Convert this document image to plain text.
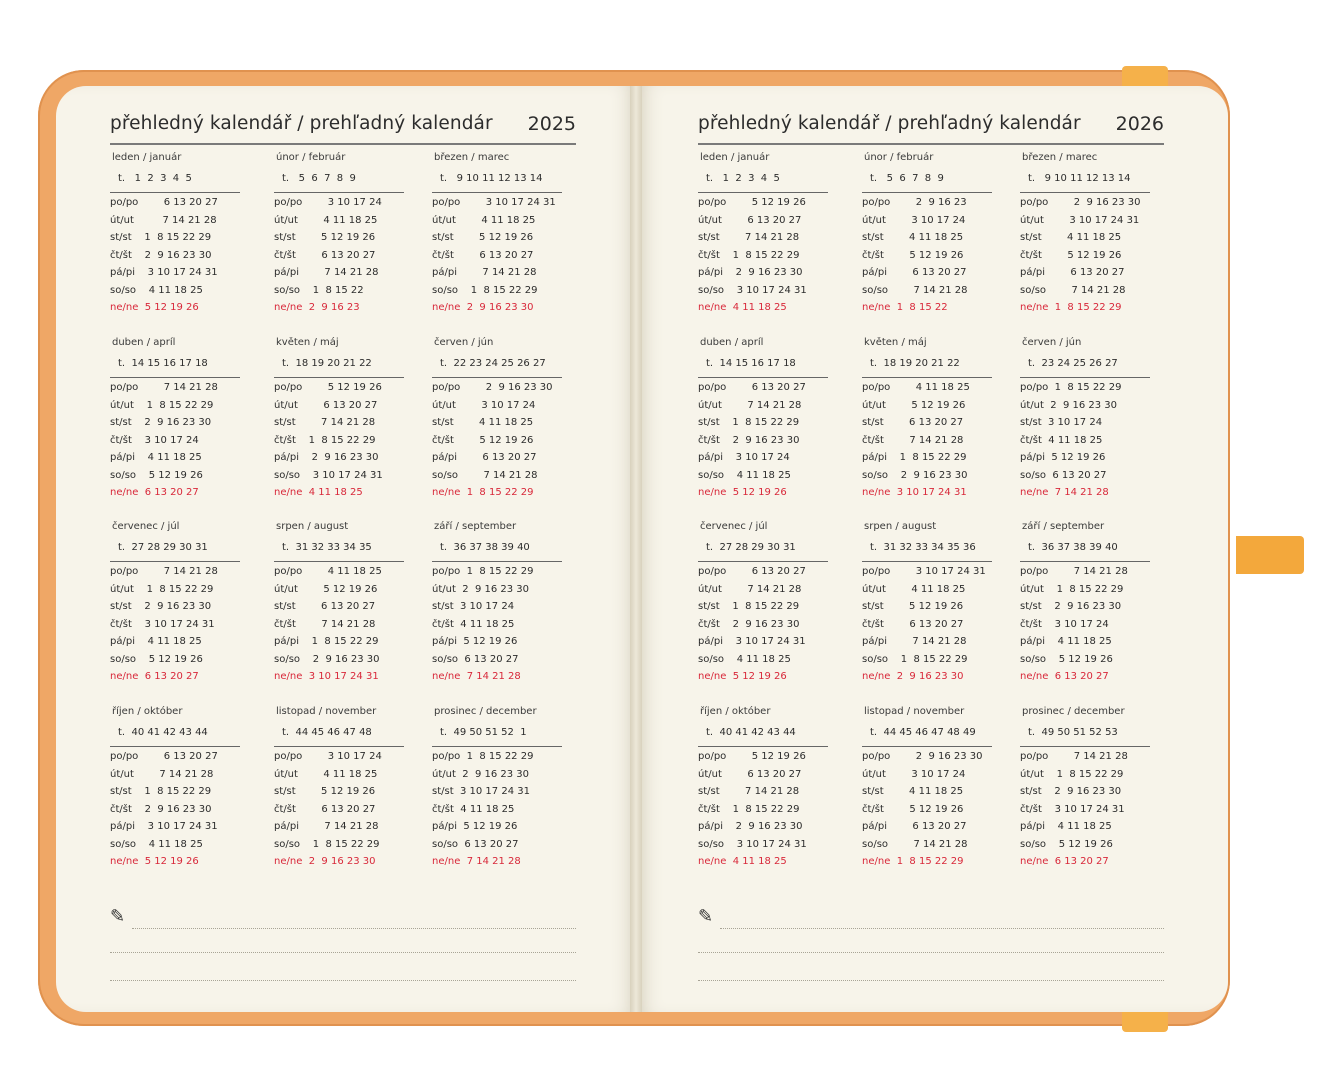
přehledný kalendář / prehľadný kalendár	2025
leden / január
t.   1  2  3  4  5
po/po        6 13 20 27
út/ut         7 14 21 28
st/st    1  8 15 22 29
čt/št    2  9 16 23 30
pá/pi    3 10 17 24 31
so/so    4 11 18 25
ne/ne  5 12 19 26
únor / február
t.   5  6  7  8  9
po/po        3 10 17 24
út/ut        4 11 18 25
st/st        5 12 19 26
čt/št        6 13 20 27
pá/pi        7 14 21 28
so/so    1  8 15 22
ne/ne  2  9 16 23
březen / marec
t.   9 10 11 12 13 14
po/po        3 10 17 24 31
út/ut        4 11 18 25
st/st        5 12 19 26
čt/št        6 13 20 27
pá/pi        7 14 21 28
so/so    1  8 15 22 29
ne/ne  2  9 16 23 30
duben / apríl
t.  14 15 16 17 18
po/po        7 14 21 28
út/ut    1  8 15 22 29
st/st    2  9 16 23 30
čt/št    3 10 17 24
pá/pi    4 11 18 25
so/so    5 12 19 26
ne/ne  6 13 20 27
květen / máj
t.  18 19 20 21 22
po/po        5 12 19 26
út/ut        6 13 20 27
st/st        7 14 21 28
čt/št    1  8 15 22 29
pá/pi    2  9 16 23 30
so/so    3 10 17 24 31
ne/ne  4 11 18 25
červen / jún
t.  22 23 24 25 26 27
po/po        2  9 16 23 30
út/ut        3 10 17 24
st/st        4 11 18 25
čt/št        5 12 19 26
pá/pi        6 13 20 27
so/so        7 14 21 28
ne/ne  1  8 15 22 29
červenec / júl
t.  27 28 29 30 31
po/po        7 14 21 28
út/ut    1  8 15 22 29
st/st    2  9 16 23 30
čt/št    3 10 17 24 31
pá/pi    4 11 18 25
so/so    5 12 19 26
ne/ne  6 13 20 27
srpen / august
t.  31 32 33 34 35
po/po        4 11 18 25
út/ut        5 12 19 26
st/st        6 13 20 27
čt/št        7 14 21 28
pá/pi    1  8 15 22 29
so/so    2  9 16 23 30
ne/ne  3 10 17 24 31
září / september
t.  36 37 38 39 40
po/po  1  8 15 22 29
út/ut  2  9 16 23 30
st/st  3 10 17 24
čt/št  4 11 18 25
pá/pi  5 12 19 26
so/so  6 13 20 27
ne/ne  7 14 21 28
říjen / október
t.  40 41 42 43 44
po/po        6 13 20 27
út/ut        7 14 21 28
st/st    1  8 15 22 29
čt/št    2  9 16 23 30
pá/pi    3 10 17 24 31
so/so    4 11 18 25
ne/ne  5 12 19 26
listopad / november
t.  44 45 46 47 48
po/po        3 10 17 24
út/ut        4 11 18 25
st/st        5 12 19 26
čt/št        6 13 20 27
pá/pi        7 14 21 28
so/so    1  8 15 22 29
ne/ne  2  9 16 23 30
prosinec / december
t.  49 50 51 52  1
po/po  1  8 15 22 29
út/ut  2  9 16 23 30
st/st  3 10 17 24 31
čt/št  4 11 18 25
pá/pi  5 12 19 26
so/so  6 13 20 27
ne/ne  7 14 21 28
✎
přehledný kalendář / prehľadný kalendár	2026
leden / január
t.   1  2  3  4  5
po/po        5 12 19 26
út/ut        6 13 20 27
st/st        7 14 21 28
čt/št    1  8 15 22 29
pá/pi    2  9 16 23 30
so/so    3 10 17 24 31
ne/ne  4 11 18 25
únor / február
t.   5  6  7  8  9
po/po        2  9 16 23
út/ut        3 10 17 24
st/st        4 11 18 25
čt/št        5 12 19 26
pá/pi        6 13 20 27
so/so        7 14 21 28
ne/ne  1  8 15 22
březen / marec
t.   9 10 11 12 13 14
po/po        2  9 16 23 30
út/ut        3 10 17 24 31
st/st        4 11 18 25
čt/št        5 12 19 26
pá/pi        6 13 20 27
so/so        7 14 21 28
ne/ne  1  8 15 22 29
duben / apríl
t.  14 15 16 17 18
po/po        6 13 20 27
út/ut        7 14 21 28
st/st    1  8 15 22 29
čt/št    2  9 16 23 30
pá/pi    3 10 17 24
so/so    4 11 18 25
ne/ne  5 12 19 26
květen / máj
t.  18 19 20 21 22
po/po        4 11 18 25
út/ut        5 12 19 26
st/st        6 13 20 27
čt/št        7 14 21 28
pá/pi    1  8 15 22 29
so/so    2  9 16 23 30
ne/ne  3 10 17 24 31
červen / jún
t.  23 24 25 26 27
po/po  1  8 15 22 29
út/ut  2  9 16 23 30
st/st  3 10 17 24
čt/št  4 11 18 25
pá/pi  5 12 19 26
so/so  6 13 20 27
ne/ne  7 14 21 28
červenec / júl
t.  27 28 29 30 31
po/po        6 13 20 27
út/ut        7 14 21 28
st/st    1  8 15 22 29
čt/št    2  9 16 23 30
pá/pi    3 10 17 24 31
so/so    4 11 18 25
ne/ne  5 12 19 26
srpen / august
t.  31 32 33 34 35 36
po/po        3 10 17 24 31
út/ut        4 11 18 25
st/st        5 12 19 26
čt/št        6 13 20 27
pá/pi        7 14 21 28
so/so    1  8 15 22 29
ne/ne  2  9 16 23 30
září / september
t.  36 37 38 39 40
po/po        7 14 21 28
út/ut    1  8 15 22 29
st/st    2  9 16 23 30
čt/št    3 10 17 24
pá/pi    4 11 18 25
so/so    5 12 19 26
ne/ne  6 13 20 27
říjen / október
t.  40 41 42 43 44
po/po        5 12 19 26
út/ut        6 13 20 27
st/st        7 14 21 28
čt/št    1  8 15 22 29
pá/pi    2  9 16 23 30
so/so    3 10 17 24 31
ne/ne  4 11 18 25
listopad / november
t.  44 45 46 47 48 49
po/po        2  9 16 23 30
út/ut        3 10 17 24
st/st        4 11 18 25
čt/št        5 12 19 26
pá/pi        6 13 20 27
so/so        7 14 21 28
ne/ne  1  8 15 22 29
prosinec / december
t.  49 50 51 52 53
po/po        7 14 21 28
út/ut    1  8 15 22 29
st/st    2  9 16 23 30
čt/št    3 10 17 24 31
pá/pi    4 11 18 25
so/so    5 12 19 26
ne/ne  6 13 20 27
✎
